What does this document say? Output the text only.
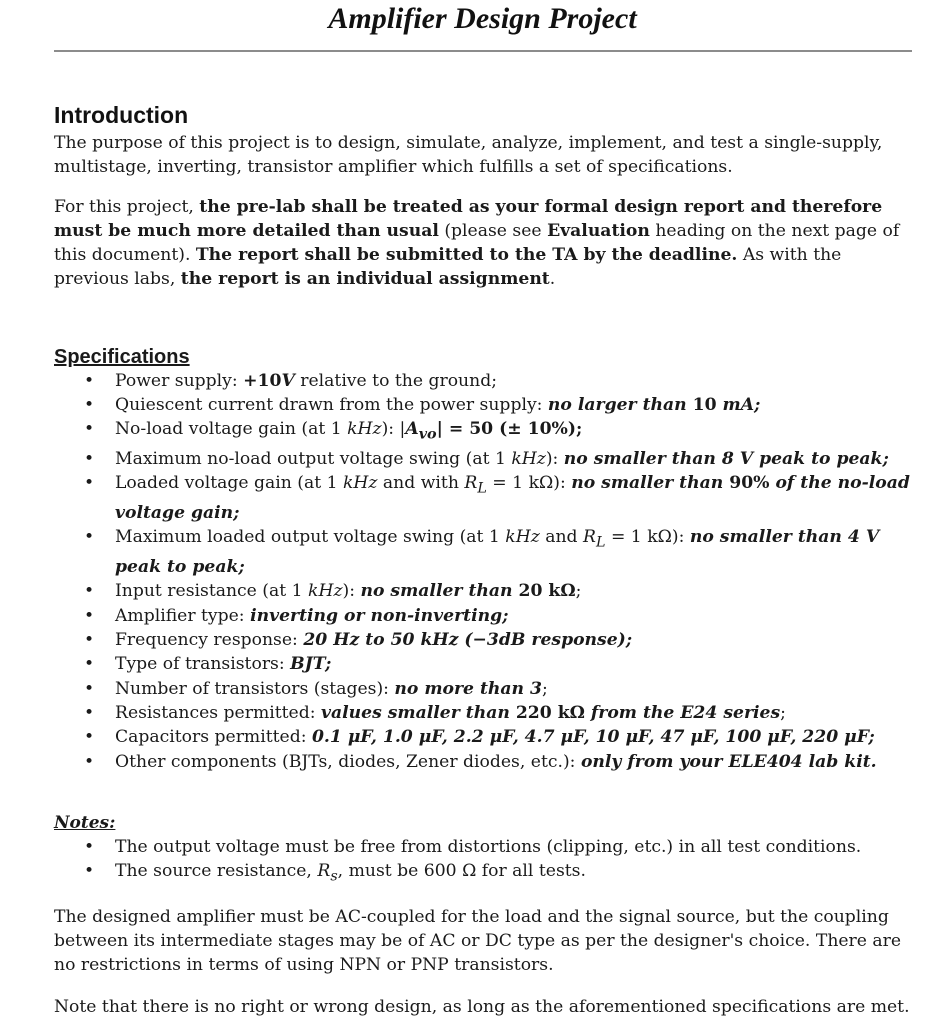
Amplifier Design Project
Introduction

The purpose of this project is to design, simulate, analyze, implement, and test a single-supply, multistage, inverting, transistor amplifier which fulfills a set of specifications.

For this project, the pre-lab shall be treated as your formal design report and therefore must be much more detailed than usual (please see Evaluation heading on the next page of this document). The report shall be submitted to the TA by the deadline. As with the previous labs, the report is an individual assignment.

Specifications
• Power supply: +10V relative to the ground;
• Quiescent current drawn from the power supply: no larger than 10 mA;
• No-load voltage gain (at 1 kHz): $|A_{vo}| = 50$ (± 10%);
• Maximum no-load output voltage swing (at 1 kHz): no smaller than 8 V peak to peak;
• Loaded voltage gain (at 1 kHz and with $R_L = 1$ kΩ): no smaller than 90% of the no-load voltage gain;
• Maximum loaded output voltage swing (at 1 kHz and $R_L = 1$ kΩ): no smaller than 4 V peak to peak;
• Input resistance (at 1 kHz): no smaller than 20 kΩ;
• Amplifier type: inverting or non-inverting;
• Frequency response: 20 Hz to 50 kHz (−3dB response);
• Type of transistors: BJT;
• Number of transistors (stages): no more than 3;
• Resistances permitted: values smaller than 220 kΩ from the E24 series;
• Capacitors permitted: 0.1 μF, 1.0 μF, 2.2 μF, 4.7 μF, 10 μF, 47 μF, 100 μF, 220 μF;
• Other components (BJTs, diodes, Zener diodes, etc.): only from your ELE404 lab kit.
Notes:
• The output voltage must be free from distortions (clipping, etc.) in all test conditions.
• The source resistance, $R_s$, must be 600 Ω for all tests.

The designed amplifier must be AC-coupled for the load and the signal source, but the coupling between its intermediate stages may be of AC or DC type as per the designer's choice. There are no restrictions in terms of using NPN or PNP transistors.

Note that there is no right or wrong design, as long as the aforementioned specifications are met.
